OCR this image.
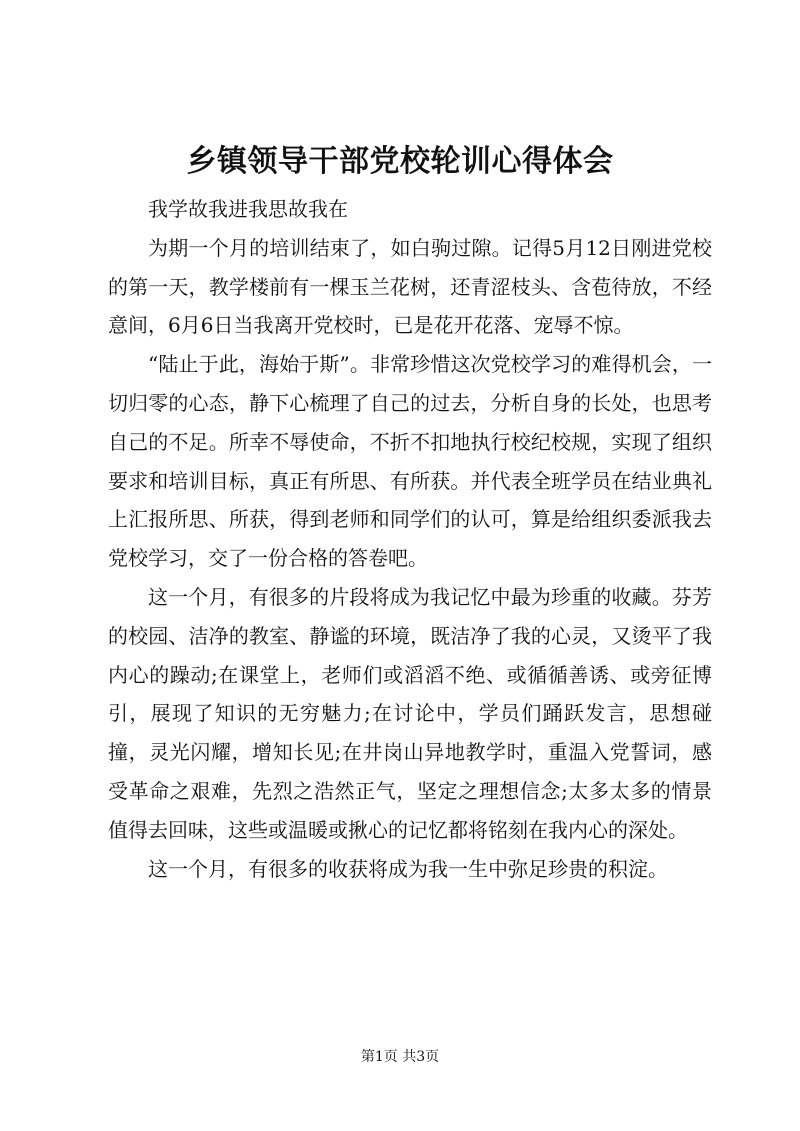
乡镇领导干部党校轮训心得体会

我学故我进我思故我在

为期一个月的培训结束了，如白驹过隙。记得5月12日刚进党校的第一天，教学楼前有一棵玉兰花树，还青涩枝头、含苞待放，不经意间，6月6日当我离开党校时，已是花开花落、宠辱不惊。

“陆止于此，海始于斯”。非常珍惜这次党校学习的难得机会，一切归零的心态，静下心梳理了自己的过去，分析自身的长处，也思考自己的不足。所幸不辱使命，不折不扣地执行校纪校规，实现了组织要求和培训目标，真正有所思、有所获。并代表全班学员在结业典礼上汇报所思、所获，得到老师和同学们的认可，算是给组织委派我去党校学习，交了一份合格的答卷吧。

这一个月，有很多的片段将成为我记忆中最为珍重的收藏。芬芳的校园、洁净的教室、静谧的环境，既洁净了我的心灵，又烫平了我内心的躁动;在课堂上，老师们或滔滔不绝、或循循善诱、或旁征博引，展现了知识的无穷魅力;在讨论中，学员们踊跃发言，思想碰撞，灵光闪耀，增知长见;在井岗山异地教学时，重温入党誓词，感受革命之艰难，先烈之浩然正气，坚定之理想信念;太多太多的情景值得去回味，这些或温暖或揪心的记忆都将铭刻在我内心的深处。

这一个月，有很多的收获将成为我一生中弥足珍贵的积淀。

第1页 共3页
